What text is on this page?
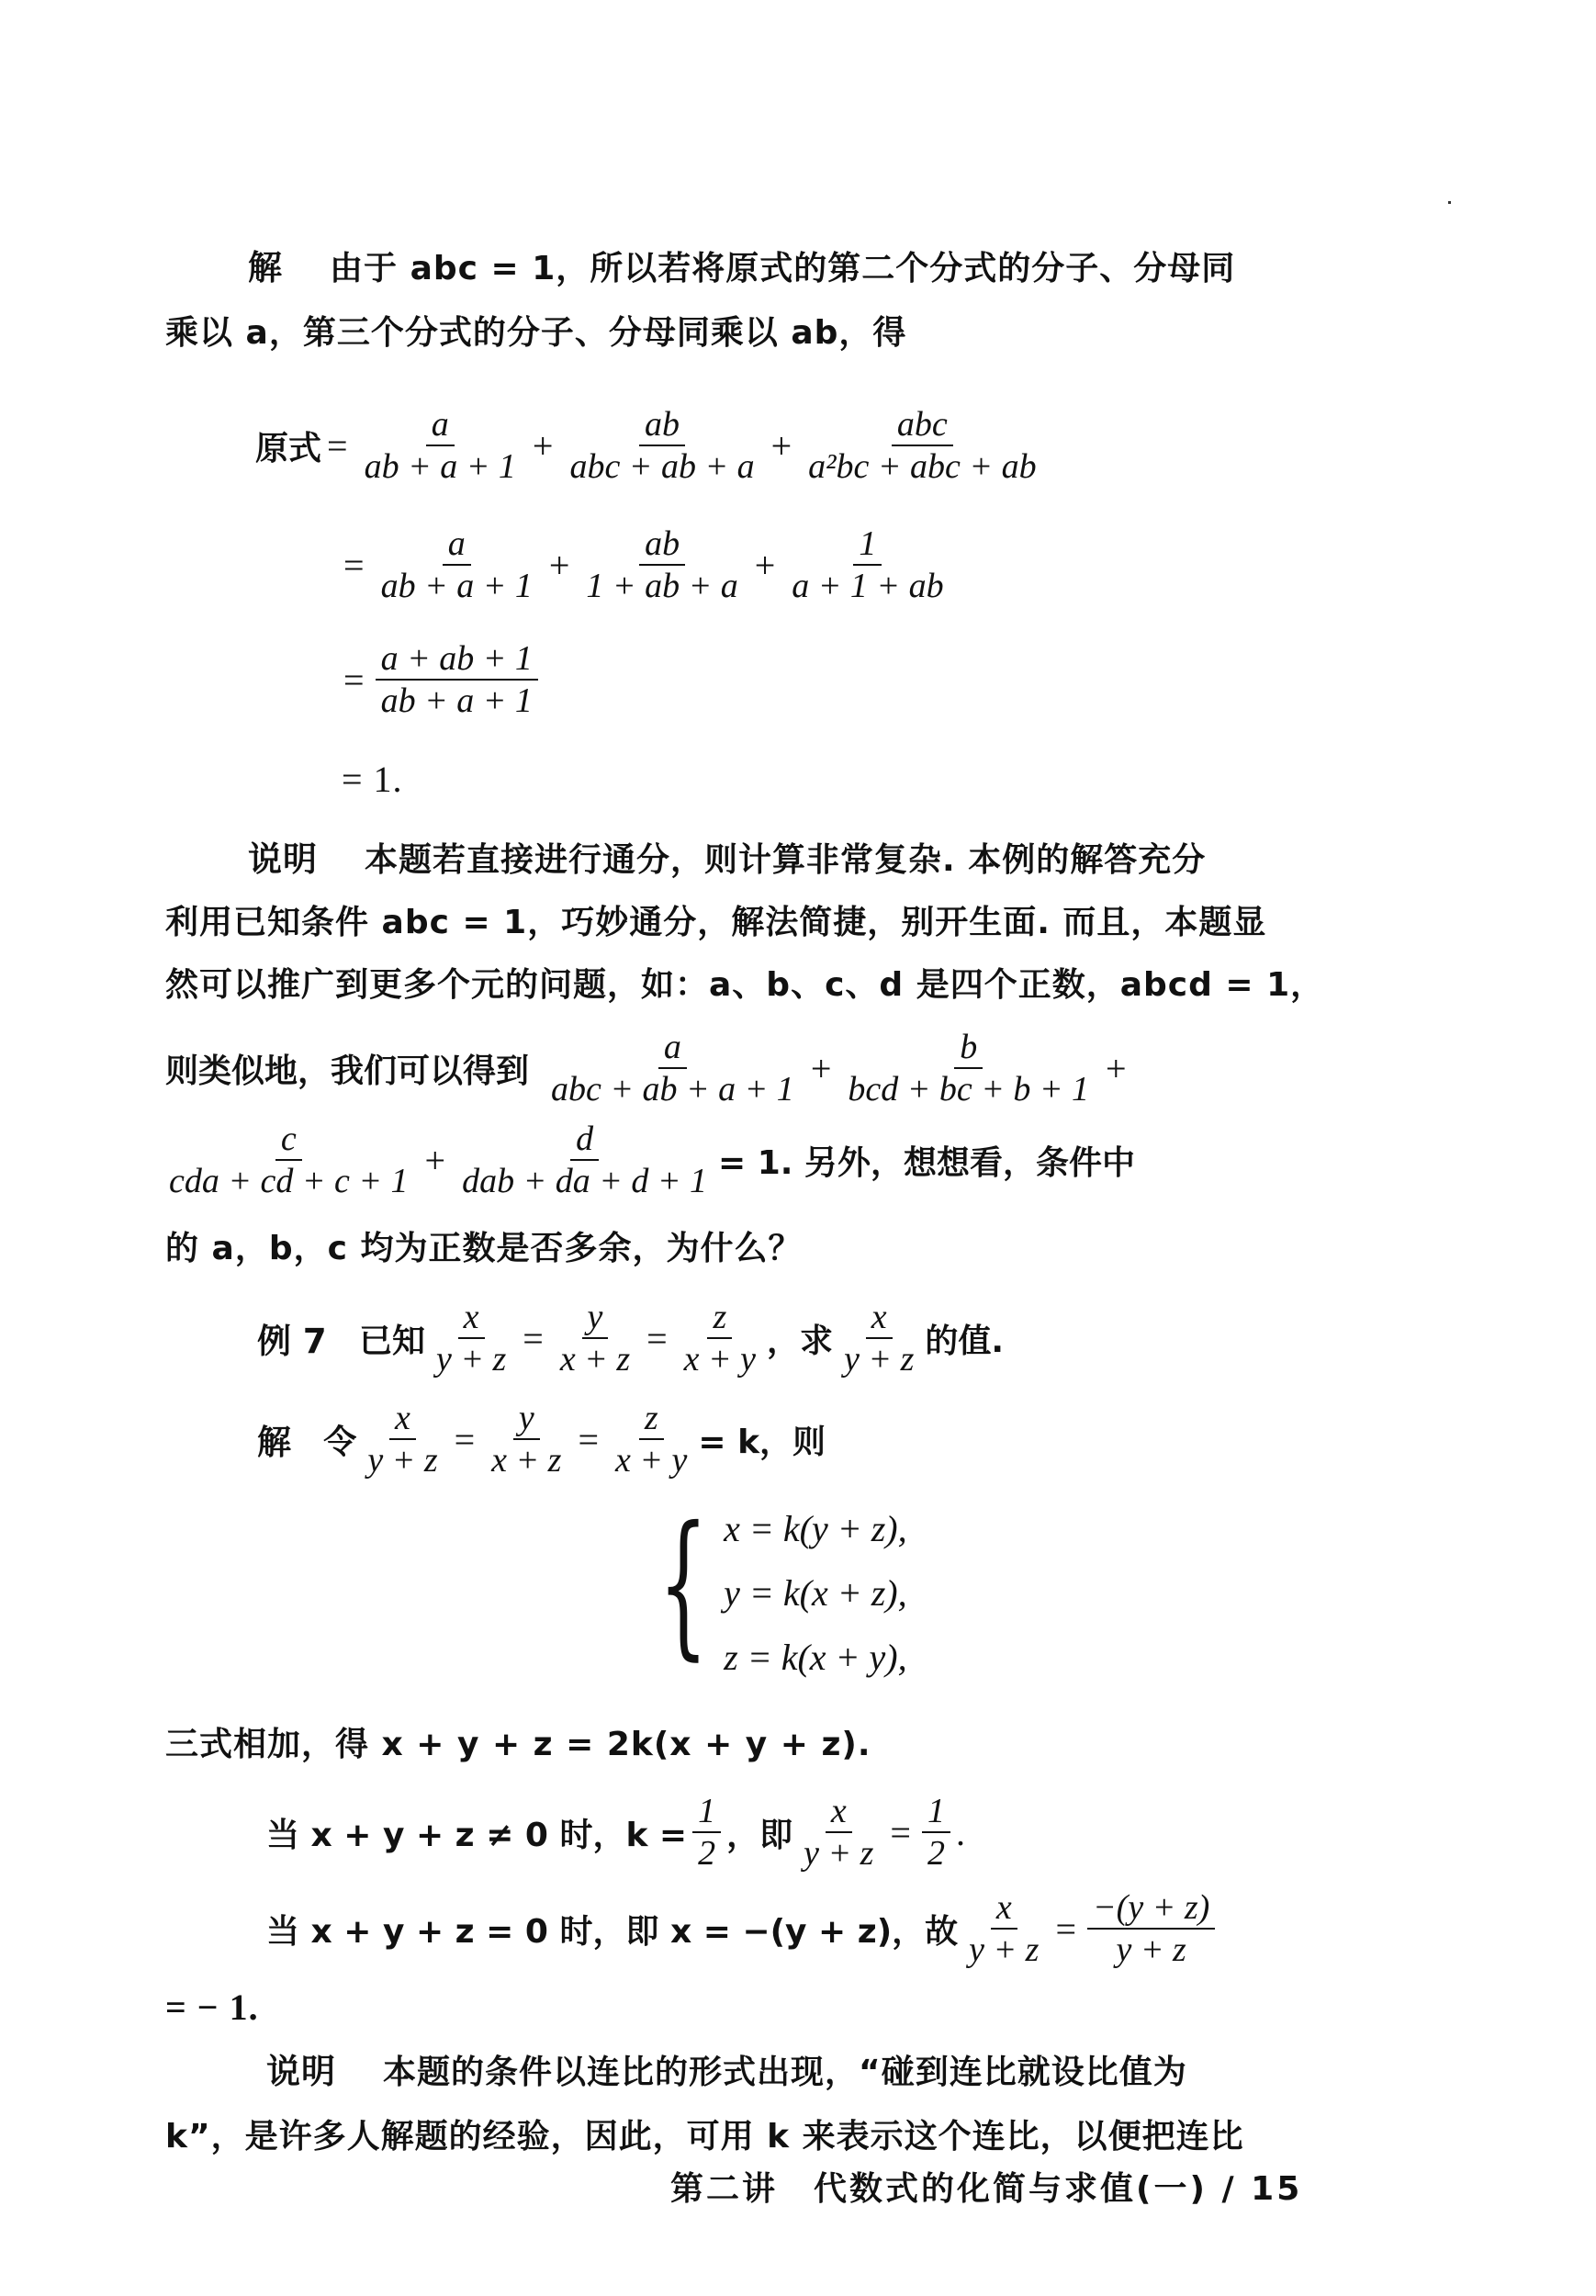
解 由于 abc = 1，所以若将原式的第二个分式的分子、分母同
乘以 a，第三个分式的分子、分母同乘以 ab，得
原式 = $\frac{a}{ab + a + 1} + \frac{ab}{\text{abc + ab + a}} + \frac{\text{abc}}{\text{a²bc + abc + ab}}$
= $\frac{a}{ab + a + 1} + \frac{ab}{1 + ab + a} + \frac{1}{a + 1 + ab}$
= $\frac{a + ab + 1}{ab + a + 1}$
= 1.
说明 本题若直接进行通分，则计算非常复杂. 本例的解答充分
利用已知条件 abc = 1，巧妙通分，解法简捷，别开生面. 而且，本题显
然可以推广到更多个元的问题，如：a、b、c、d 是四个正数，abcd = 1，
则类似地，我们可以得到 $\frac{a}{\text{abc + ab + a + 1}} + \frac{b}{\text{bcd + bc + b + 1}}$ +
$\frac{c}{\text{cda + cd + c + 1}} + \frac{d}{\text{dab + da + d + 1}} = 1$. 另外，想想看，条件中
的 a，b，c 均为正数是否多余，为什么？
例 7
已知 $\frac{x}{y + z} = \frac{y}{x + z} = \frac{z}{x + y}$ ，求 $\frac{x}{y + z}$ 的值.
解
令 $\frac{x}{y + z} = \frac{y}{x + z} = \frac{z}{x + y} = k$，则
{ x = k(y + z),
y = k(x + z),
z = k(x + y),
三式相加，得 x + y + z = 2k(x + y + z).
当 x + y + z ≠ 0 时，$k = \frac{1}{2}$ ，即 $\frac{x}{y + z} = \frac{1}{2}$ .
当 x + y + z = 0 时，即 x = −(y + z)，故 $\frac{x}{y + z} = \frac{-(y + z)}{y + z}$
= − 1.
说明 本题的条件以连比的形式出现，“碰到连比就设比值为
k”，是许多人解题的经验，因此，可用 k 来表示这个连比，以便把连比
第二讲　代数式的化简与求值(一) / 15
